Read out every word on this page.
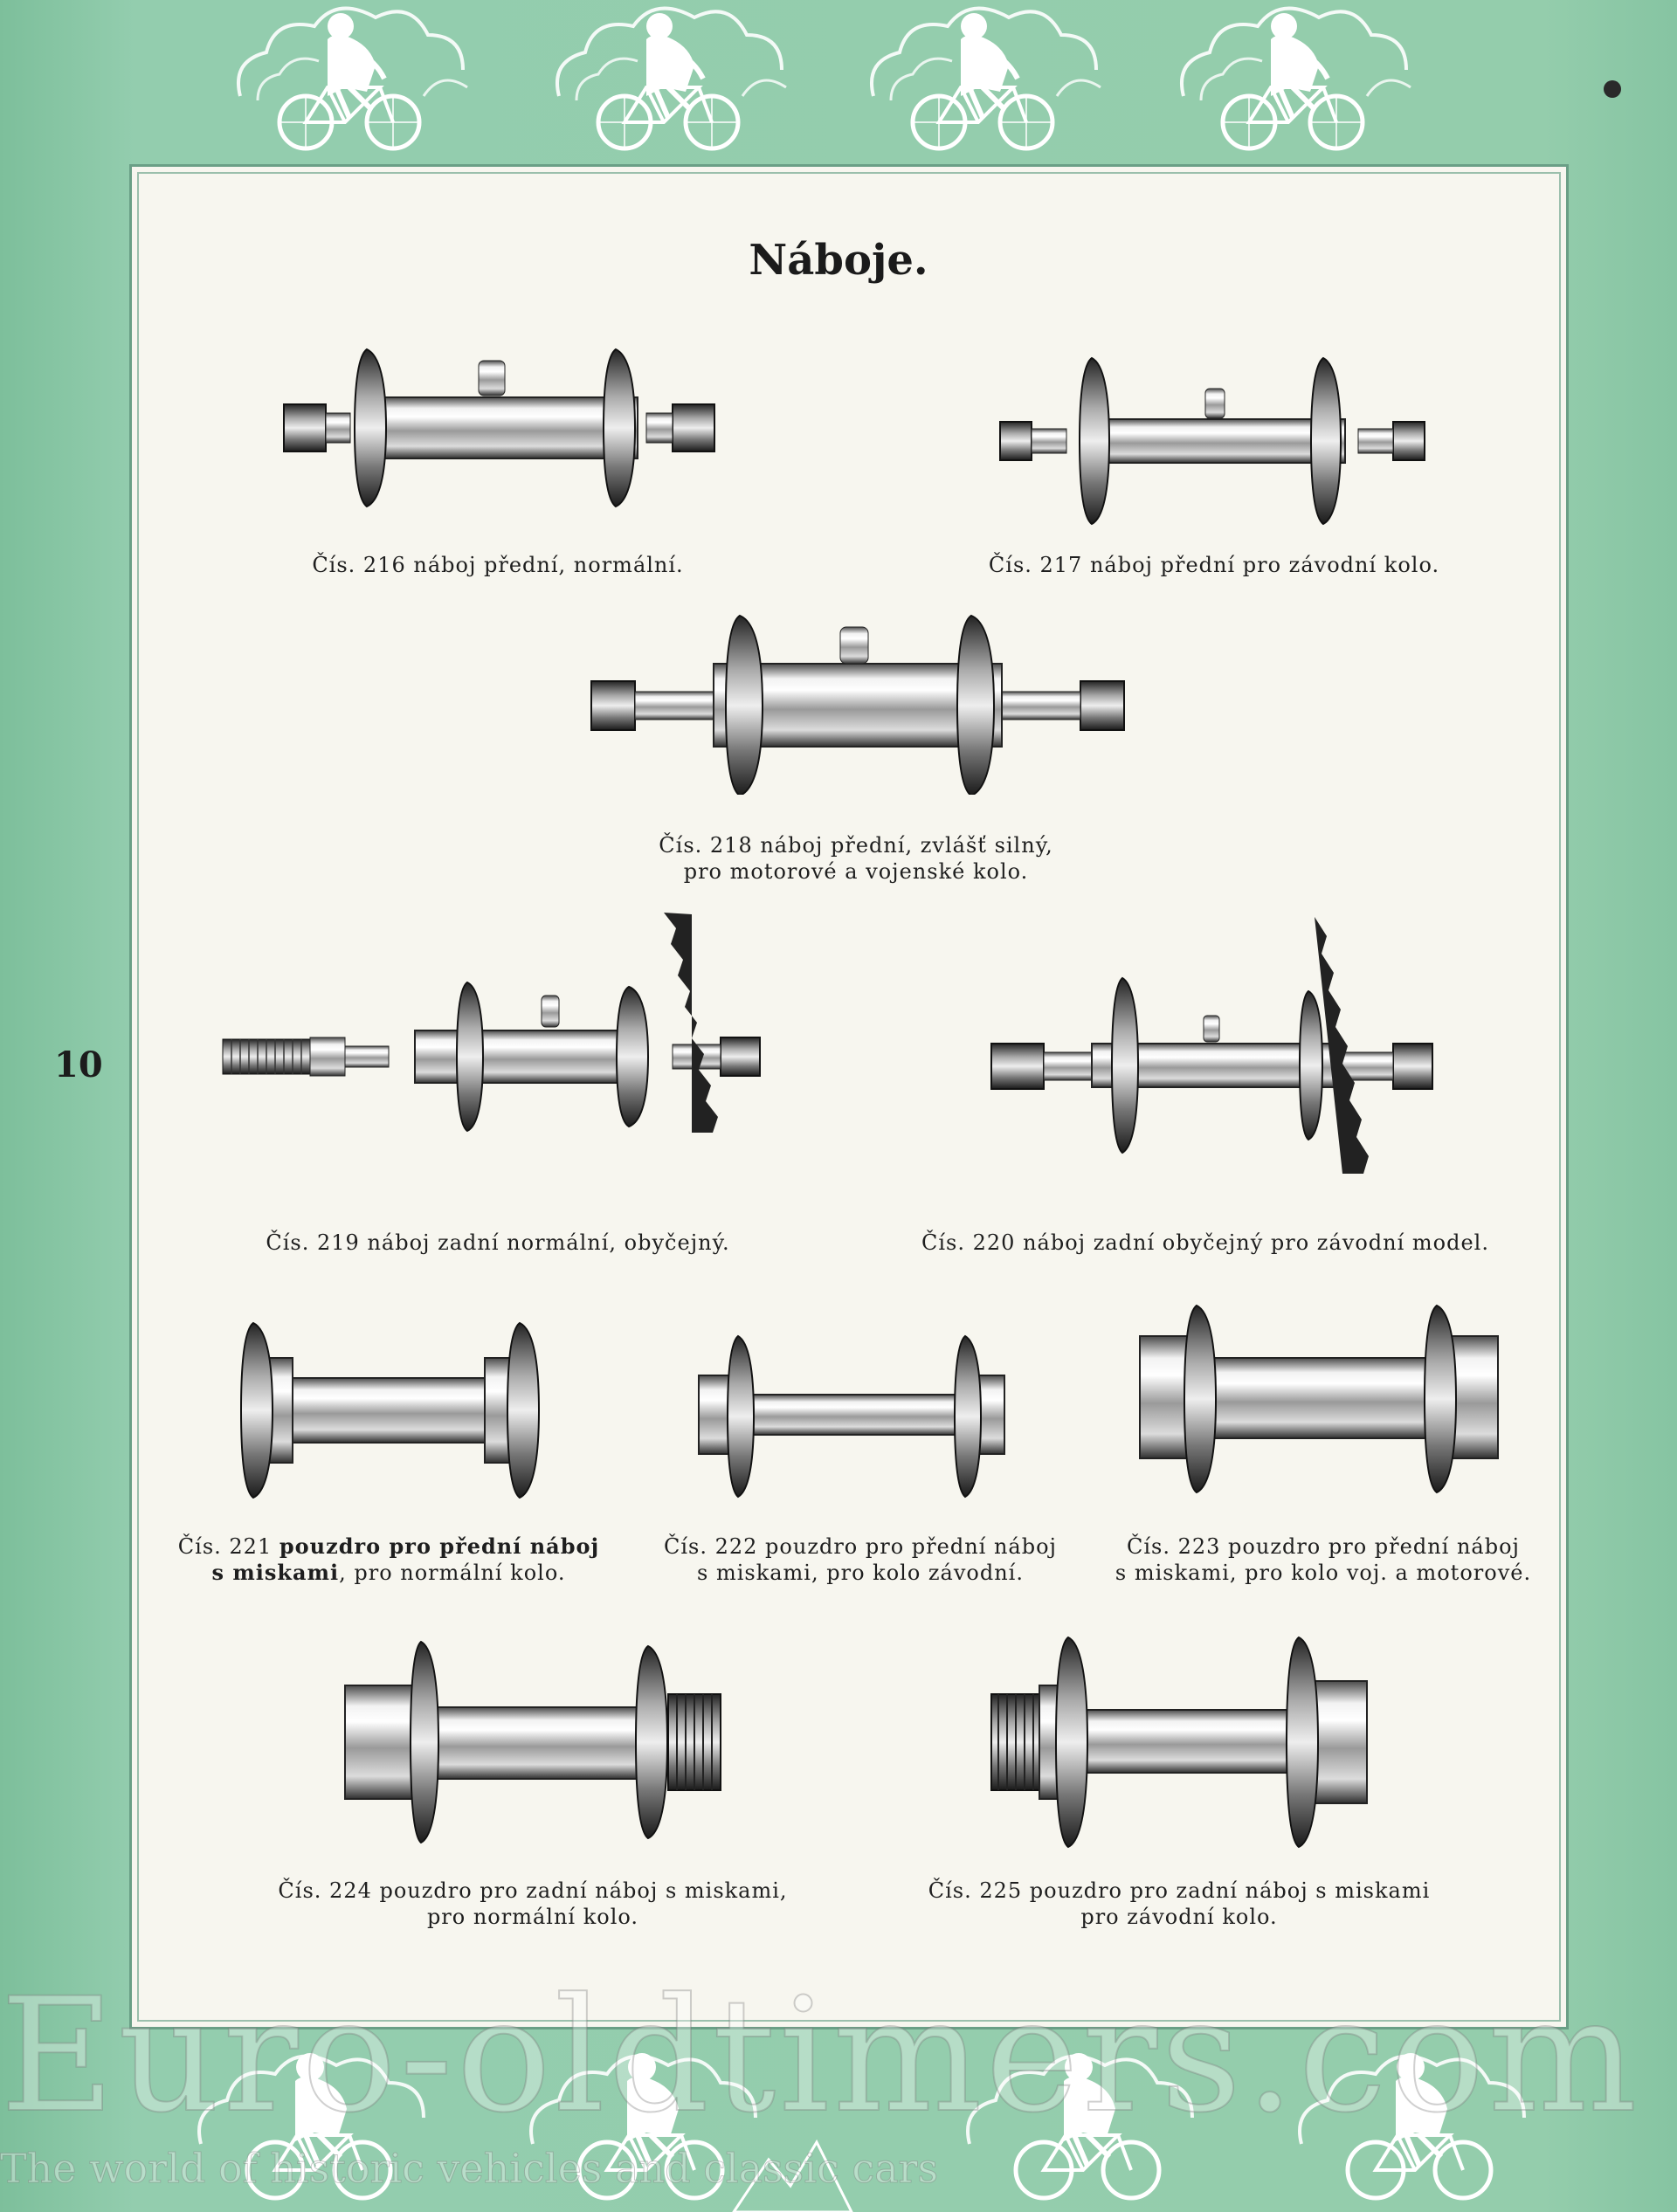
10
Náboje.
Čís. 216 náboj přední, normální.	Čís. 217 náboj přední pro závodní kolo.
Čís. 218 náboj přední, zvlášť silný,
pro motorové a vojenské kolo.
Čís. 219 náboj zadní normální, obyčejný.	Čís. 220 náboj zadní obyčejný pro závodní model.
Čís. 221 pouzdro pro přední náboj
s miskami, pro normální kolo.
Čís. 222 pouzdro pro přední náboj
s miskami, pro kolo závodní.
Čís. 223 pouzdro pro přední náboj
s miskami, pro kolo voj. a motorové.
Čís. 224 pouzdro pro zadní náboj s miskami,
pro normální kolo.
Čís. 225 pouzdro pro zadní náboj s miskami
pro závodní kolo.
Euro-oldtimers.com
The world of historic vehicles and classic cars
